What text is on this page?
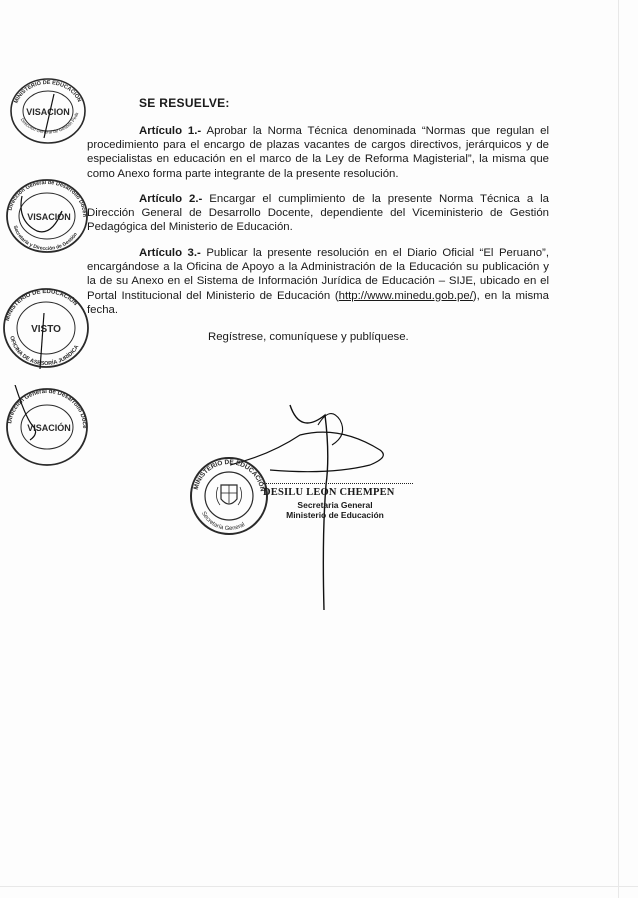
MINISTERIO DE EDUCACIÓN
Dirección General de Gestión Peda
VISACION
Dirección General de Desarrollo Docen
Secretaría y Dirección de Gestión
VISACIÓN
MINISTERIO DE EDUCACIÓN
OFICINA DE ASESORÍA JURÍDICA
VISTO
Dirección General de Desarrollo Doce
VISACIÓN
SE RESUELVE:
Artículo 1.- Aprobar la Norma Técnica denominada “Normas que regulan el procedimiento para el encargo de plazas vacantes de cargos directivos, jerárquicos y de especialistas en educación en el marco de la Ley de Reforma Magisterial”, la misma que como Anexo forma parte integrante de la presente resolución.
Artículo 2.- Encargar el cumplimiento de la presente Norma Técnica a la Dirección General de Desarrollo Docente, dependiente del Viceministerio de Gestión Pedagógica del Ministerio de Educación.
Artículo 3.- Publicar la presente resolución en el Diario Oficial “El Peruano”, encargándose a la Oficina de Apoyo a la Administración de la Educación su publicación y la de su Anexo en el Sistema de Información Jurídica de Educación – SIJE, ubicado en el Portal Institucional del Ministerio de Educación (http://www.minedu.gob.pe/), en la misma fecha.
Regístrese, comuníquese y publíquese.
MINISTERIO DE EDUCACIÓN
Secretaría General
DESILU LEON CHEMPEN
Secretaria General
Ministerio de Educación
